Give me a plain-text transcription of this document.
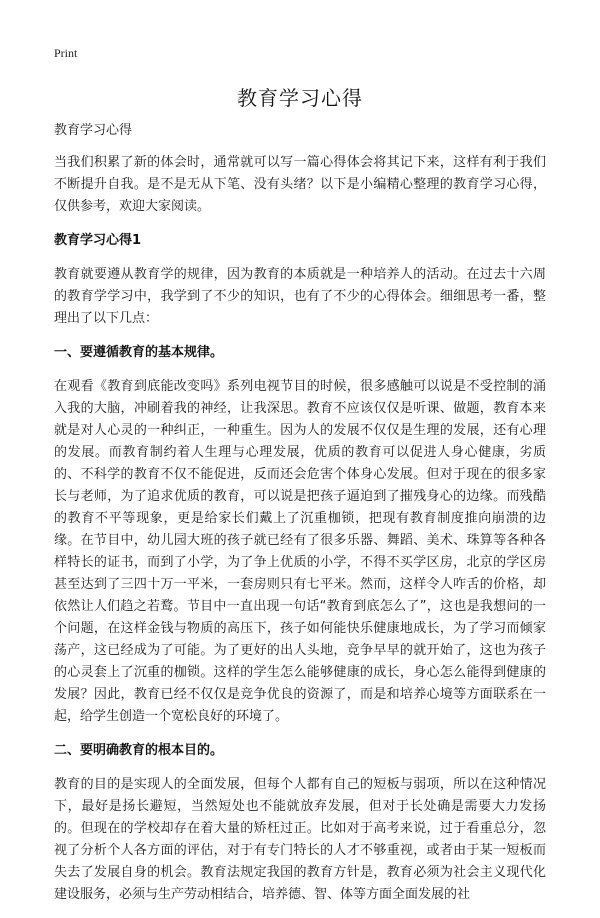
Print
教育学习心得

教育学习心得

当我们积累了新的体会时，通常就可以写一篇心得体会将其记下来，这样有利于我们不断提升自我。是不是无从下笔、没有头绪？以下是小编精心整理的教育学习心得，仅供参考，欢迎大家阅读。

教育学习心得1

教育就要遵从教育学的规律，因为教育的本质就是一种培养人的活动。在过去十六周的教育学学习中，我学到了不少的知识，也有了不少的心得体会。细细思考一番，整理出了以下几点：

一、要遵循教育的基本规律。

在观看《教育到底能改变吗》系列电视节目的时候，很多感触可以说是不受控制的涌入我的大脑，冲刷着我的神经，让我深思。教育不应该仅仅是听课、做题，教育本来就是对人心灵的一种纠正，一种重生。因为人的发展不仅仅是生理的发展，还有心理的发展。而教育制约着人生理与心理发展，优质的教育可以促进人身心健康，劣质的、不科学的教育不仅不能促进，反而还会危害个体身心发展。但对于现在的很多家长与老师，为了追求优质的教育，可以说是把孩子逼迫到了摧残身心的边缘。而残酷的教育不平等现象，更是给家长们戴上了沉重枷锁，把现有教育制度推向崩溃的边缘。在节目中，幼儿园大班的孩子就已经有了很多乐器、舞蹈、美术、珠算等各种各样特长的证书，而到了小学，为了争上优质的小学，不得不买学区房，北京的学区房甚至达到了三四十万一平米，一套房则只有七平米。然而，这样令人咋舌的价格，却依然让人们趋之若鹜。节目中一直出现一句话“教育到底怎么了”，这也是我想问的一个问题，在这样金钱与物质的高压下，孩子如何能快乐健康地成长，为了学习而倾家荡产，这已经成为了可能。为了更好的出人头地，竞争早早的就开始了，这也为孩子的心灵套上了沉重的枷锁。这样的学生怎么能够健康的成长，身心怎么能得到健康的发展？因此，教育已经不仅仅是竞争优良的资源了，而是和培养心境等方面联系在一起，给学生创造一个宽松良好的环境了。

二、要明确教育的根本目的。

教育的目的是实现人的全面发展，但每个人都有自己的短板与弱项，所以在这种情况下，最好是扬长避短，当然短处也不能就放弃发展，但对于长处确是需要大力发扬的。但现在的学校却存在着大量的矫枉过正。比如对于高考来说，过于看重总分，忽视了分析个人各方面的评估，对于有专门特长的人才不够重视，或者由于某一短板而失去了发展自身的机会。教育法规定我国的教育方针是，教育必须为社会主义现代化建设服务，必须与生产劳动相结合，培养德、智、体等方面全面发展的社
